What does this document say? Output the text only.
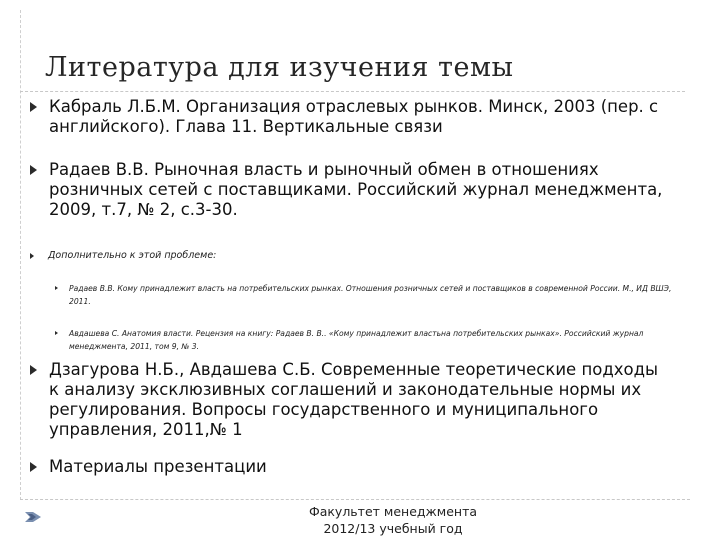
Литература для изучения темы
Кабраль Л.Б.М. Организация отраслевых рынков. Минск, 2003 (пер. с английского). Глава 11. Вертикальные связи
Радаев В.В. Рыночная власть и рыночный обмен в отношениях розничных сетей с поставщиками. Российский журнал менеджмента, 2009, т.7, № 2, с.3-30.
Дополнительно к этой проблеме:
Радаев В.В. Кому принадлежит власть на потребительских рынках. Отношения розничных сетей и поставщиков в современной России. М., ИД ВШЭ, 2011.
Авдашева С. Анатомия власти. Рецензия на книгу: Радаев В. В.. «Кому принадлежит властьна потребительских рынках». Российский журнал менеджмента, 2011, том 9, № 3.
Дзагурова Н.Б., Авдашева С.Б. Современные теоретические подходы к анализу эксклюзивных соглашений и законодательные нормы их регулирования. Вопросы государственного и муниципального управления, 2011,№ 1
Материалы презентации
Факультет менеджмента 2012/13 учебный год
